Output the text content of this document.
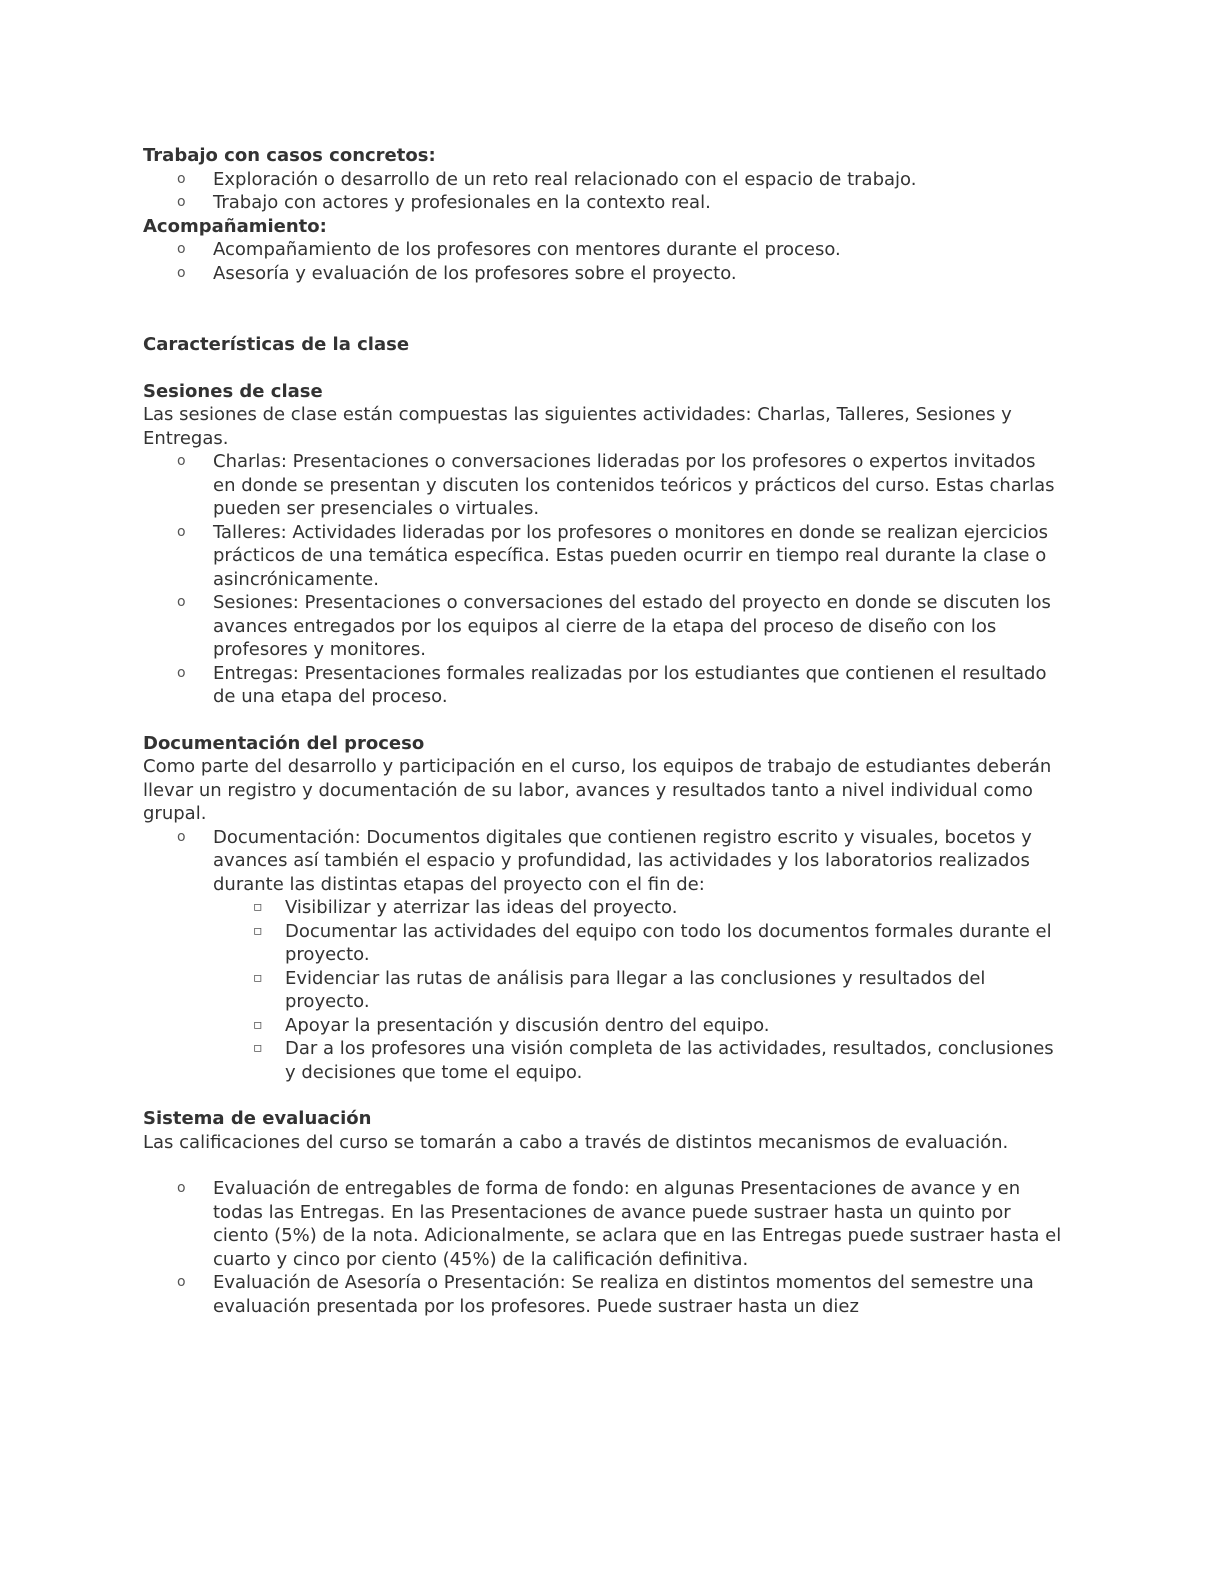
Trabajo con casos concretos:
o Exploración o desarrollo de un reto real relacionado con el espacio de trabajo.
o Trabajo con actores y profesionales en la contexto real.
Acompañamiento:
o Acompañamiento de los profesores con mentores durante el proceso.
o Asesoría y evaluación de los profesores sobre el proyecto.
Características de la clase
Sesiones de clase

Las sesiones de clase están compuestas las siguientes actividades: Charlas, Talleres, Sesiones y Entregas.

o Charlas: Presentaciones o conversaciones lideradas por los profesores o expertos invitados en donde se presentan y discuten los contenidos teóricos y prácticos del curso. Estas charlas pueden ser presenciales o virtuales.
o Talleres: Actividades lideradas por los profesores o monitores en donde se realizan ejercicios prácticos de una temática específica. Estas pueden ocurrir en tiempo real durante la clase o asincrónicamente.
o Sesiones: Presentaciones o conversaciones del estado del proyecto en donde se discuten los avances entregados por los equipos al cierre de la etapa del proceso de diseño con los profesores y monitores.
o Entregas: Presentaciones formales realizadas por los estudiantes que contienen el resultado de una etapa del proceso.
Documentación del proceso

Como parte del desarrollo y participación en el curso, los equipos de trabajo de estudiantes deberán llevar un registro y documentación de su labor, avances y resultados tanto a nivel individual como grupal.

o Documentación: Documentos digitales que contienen registro escrito y visuales, bocetos y avances así también el espacio y profundidad, las actividades y los laboratorios realizados durante las distintas etapas del proyecto con el fin de:
▫ Visibilizar y aterrizar las ideas del proyecto.
▫ Documentar las actividades del equipo con todo los documentos formales durante el proyecto.
▫ Evidenciar las rutas de análisis para llegar a las conclusiones y resultados del proyecto.
▫ Apoyar la presentación y discusión dentro del equipo.
▫ Dar a los profesores una visión completa de las actividades, resultados, conclusiones y decisiones que tome el equipo.
Sistema de evaluación

Las calificaciones del curso se tomarán a cabo a través de distintos mecanismos de evaluación.

o Evaluación de entregables de forma de fondo: en algunas Presentaciones de avance y en todas las Entregas. En las Presentaciones de avance puede sustraer hasta un quinto por ciento (5%) de la nota. Adicionalmente, se aclara que en las Entregas puede sustraer hasta el cuarto y cinco por ciento (45%) de la calificación definitiva.
o Evaluación de Asesoría o Presentación: Se realiza en distintos momentos del semestre una evaluación presentada por los profesores. Puede sustraer hasta un diez
